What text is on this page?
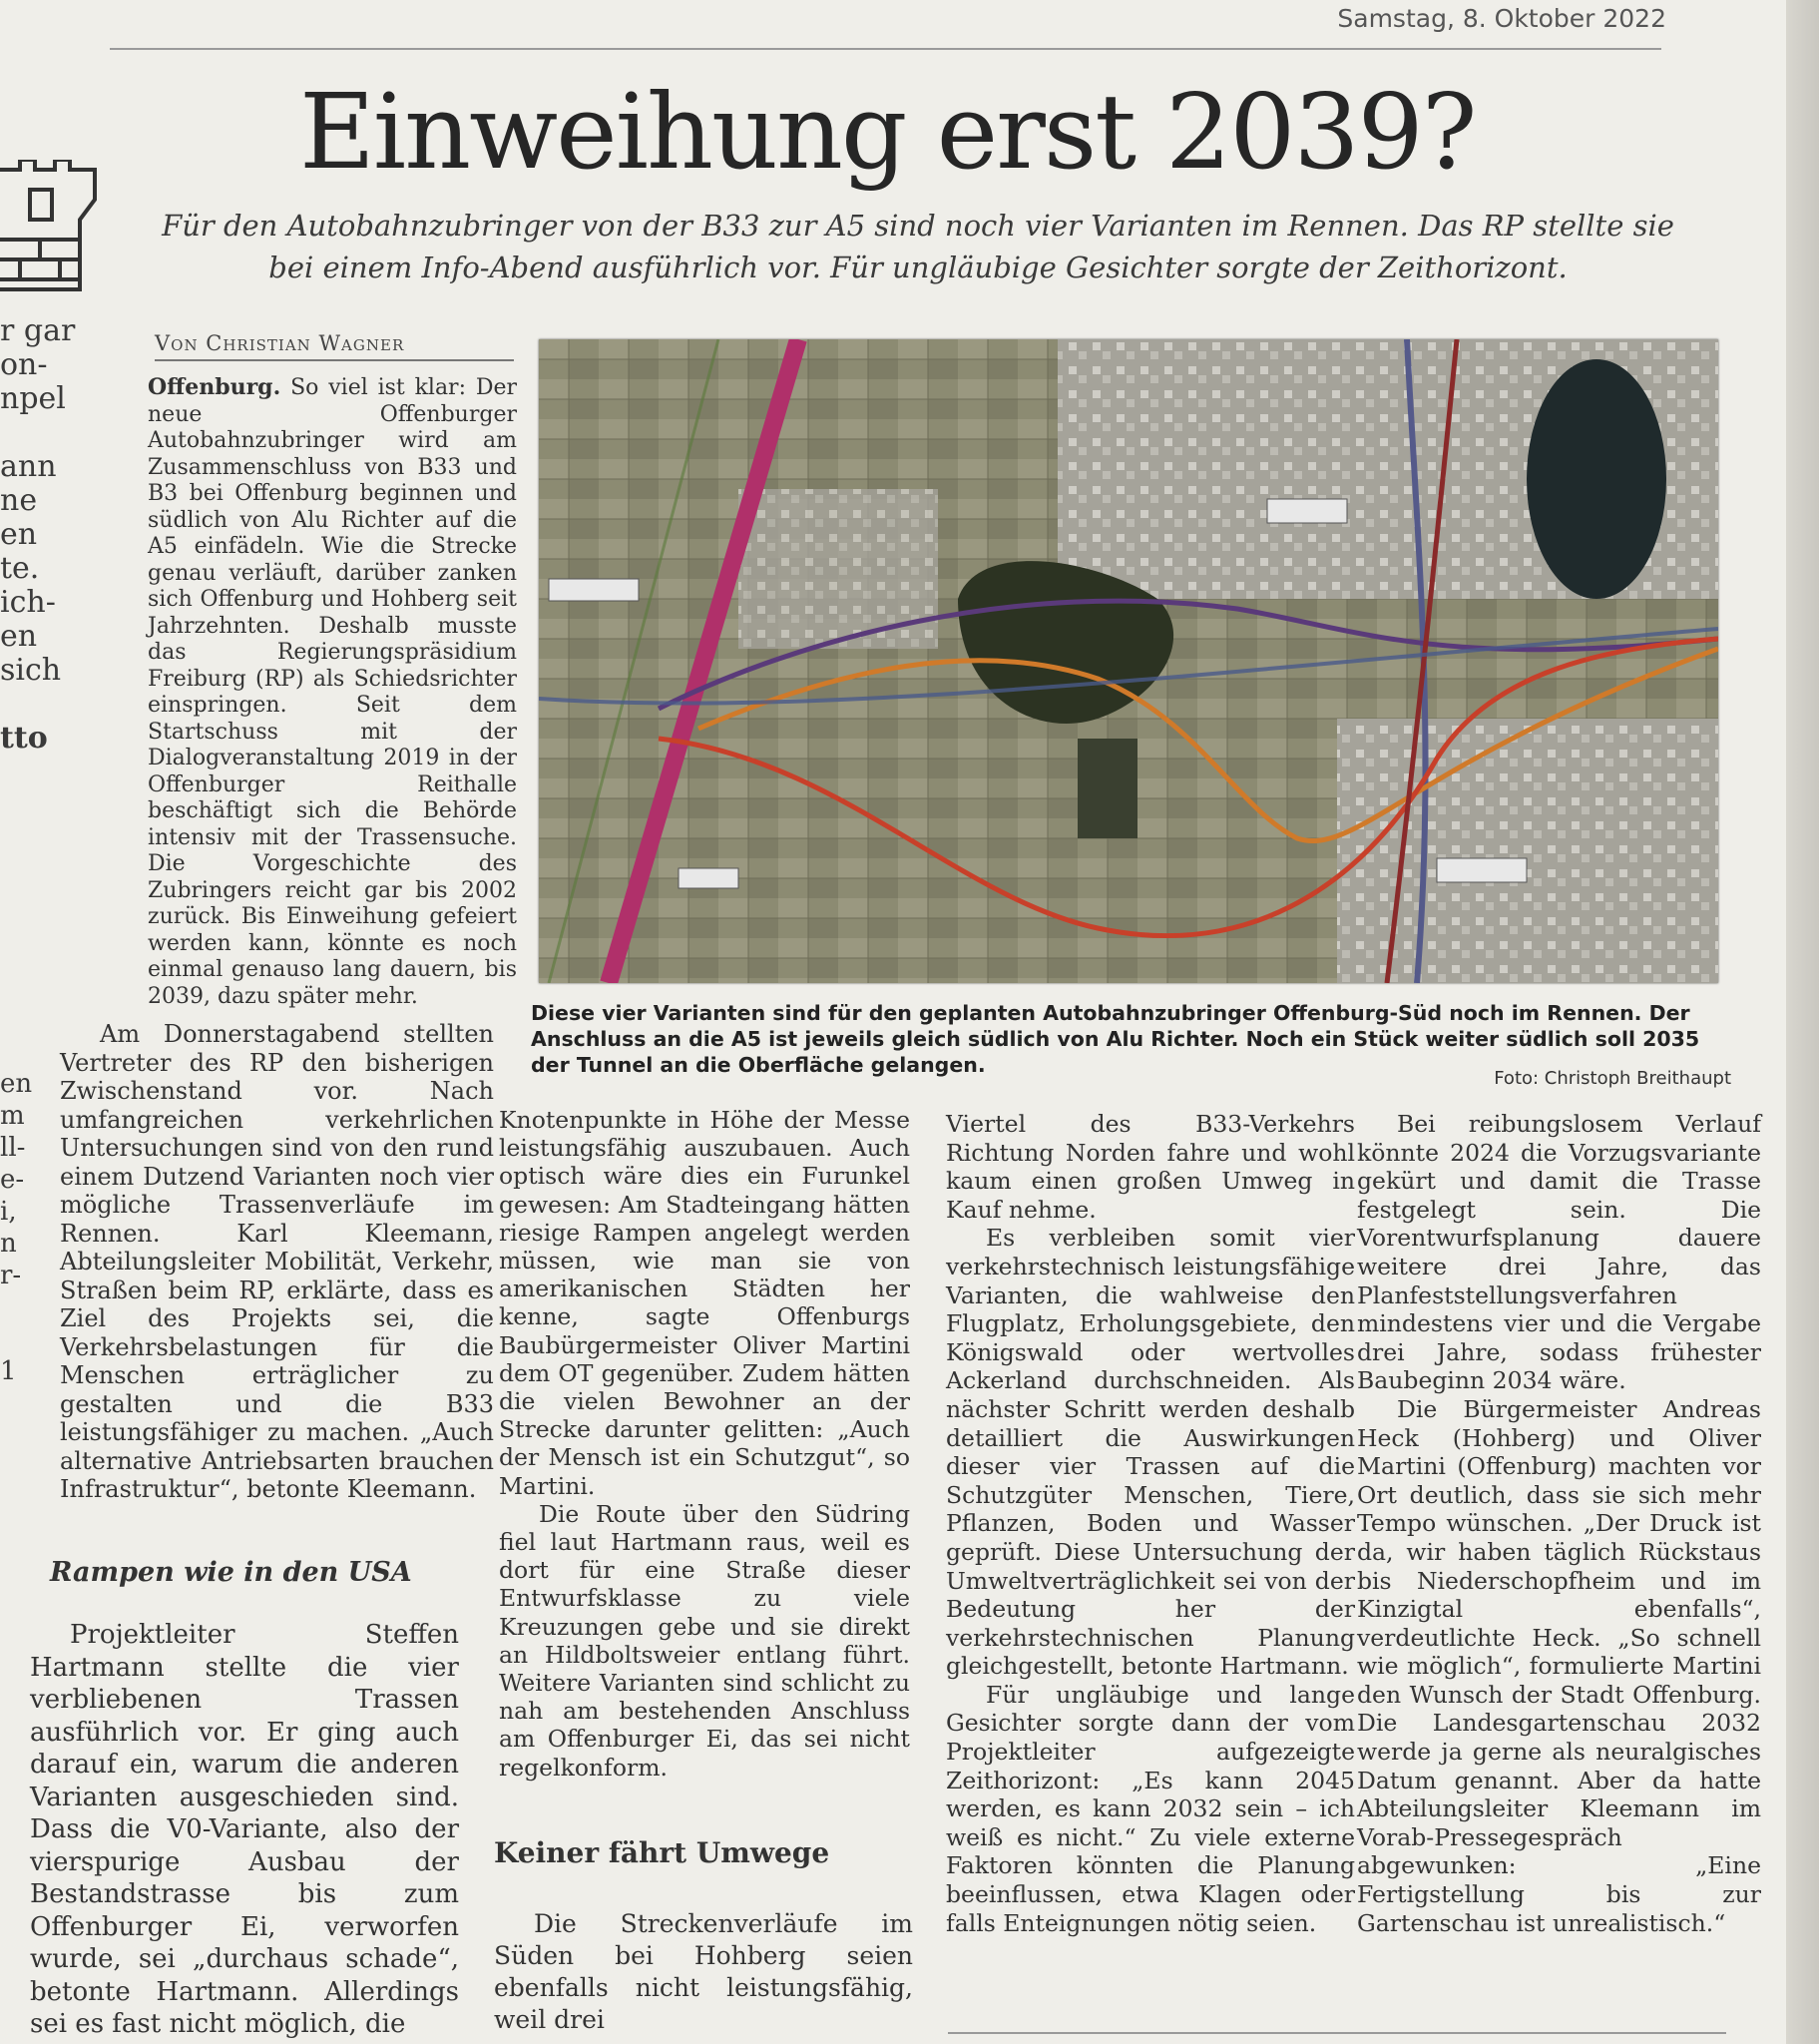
Samstag, 8. Oktober 2022
r gar
on-
npel
ann
ne
en
te.
ich-
en
sich
tto
en
m
ll-
e-
i,
n
r-
1
Einweihung erst 2039?
Für den Autobahnzubringer von der B33 zur A5 sind noch vier Varianten im Rennen. Das RP stellte sie bei einem Info-Abend ausführlich vor. Für ungläubige Gesichter sorgte der Zeithorizont.
Von Christian Wagner

Offenburg. So viel ist klar: Der neue Offenburger Autobahnzubringer wird am Zusammenschluss von B33 und B3 bei Offenburg beginnen und südlich von Alu Richter auf die A5 einfädeln. Wie die Strecke genau verläuft, darüber zanken sich Offenburg und Hohberg seit Jahrzehnten. Deshalb musste das Regierungspräsidium Freiburg (RP) als Schiedsrichter einspringen. Seit dem Startschuss mit der Dialogveranstaltung 2019 in der Offenburger Reithalle beschäftigt sich die Behörde intensiv mit der Trassensuche. Die Vorgeschichte des Zubringers reicht gar bis 2002 zurück. Bis Einweihung gefeiert werden kann, könnte es noch einmal genauso lang dauern, bis 2039, dazu später mehr.

Am Donnerstagabend stellten Vertreter des RP den bisherigen Zwischenstand vor. Nach umfangreichen verkehrlichen Untersuchungen sind von den rund einem Dutzend Varianten noch vier mögliche Trassenverläufe im Rennen. Karl Kleemann, Abteilungsleiter Mobilität, Verkehr, Straßen beim RP, erklärte, dass es Ziel des Projekts sei, die Verkehrsbelastungen für die Menschen erträglicher zu gestalten und die B33 leistungsfähiger zu machen. „Auch alternative Antriebsarten brauchen Infrastruktur“, betonte Kleemann.

Rampen wie in den USA

Projektleiter Steffen Hartmann stellte die vier verbliebenen Trassen ausführlich vor. Er ging auch darauf ein, warum die anderen Varianten ausgeschieden sind. Dass die V0-Variante, also der vierspurige Ausbau der Bestandstrasse bis zum Offenburger Ei, verworfen wurde, sei „durchaus schade“, betonte Hartmann. Allerdings sei es fast nicht möglich, die

Diese vier Varianten sind für den geplanten Autobahnzubringer Offenburg-Süd noch im Rennen. Der Anschluss an die A5 ist jeweils gleich südlich von Alu Richter. Noch ein Stück weiter südlich soll 2035 der Tunnel an die Oberfläche gelangen.
Foto: Christoph Breithaupt

Knotenpunkte in Höhe der Messe leistungsfähig auszubauen. Auch optisch wäre dies ein Furunkel gewesen: Am Stadteingang hätten riesige Rampen angelegt werden müssen, wie man sie von amerikanischen Städten her kenne, sagte Offenburgs Baubürgermeister Oliver Martini dem OT gegenüber. Zudem hätten die vielen Bewohner an der Strecke darunter gelitten: „Auch der Mensch ist ein Schutzgut“, so Martini.

Die Route über den Südring fiel laut Hartmann raus, weil es dort für eine Straße dieser Entwurfsklasse zu viele Kreuzungen gebe und sie direkt an Hildboltsweier entlang führt. Weitere Varianten sind schlicht zu nah am bestehenden Anschluss am Offenburger Ei, das sei nicht regelkonform.

Keiner fährt Umwege

Die Streckenverläufe im Süden bei Hohberg seien ebenfalls nicht leistungsfähig, weil drei

Viertel des B33-Verkehrs Richtung Norden fahre und wohl kaum einen großen Umweg in Kauf nehme.

Es verbleiben somit vier verkehrstechnisch leistungsfähige Varianten, die wahlweise den Flugplatz, Erholungsgebiete, den Königswald oder wertvolles Ackerland durchschneiden. Als nächster Schritt werden deshalb detailliert die Auswirkungen dieser vier Trassen auf die Schutzgüter Menschen, Tiere, Pflanzen, Boden und Wasser geprüft. Diese Untersuchung der Umweltverträglichkeit sei von der Bedeutung her der verkehrstechnischen Planung gleichgestellt, betonte Hartmann.

Für ungläubige und lange Gesichter sorgte dann der vom Projektleiter aufgezeigte Zeithorizont: „Es kann 2045 werden, es kann 2032 sein – ich weiß es nicht.“ Zu viele externe Faktoren könnten die Planung beeinflussen, etwa Klagen oder falls Enteignungen nötig seien.

Bei reibungslosem Verlauf könnte 2024 die Vorzugsvariante gekürt und damit die Trasse festgelegt sein. Die Vorentwurfsplanung dauere weitere drei Jahre, das Planfeststellungsverfahren mindestens vier und die Vergabe drei Jahre, sodass frühester Baubeginn 2034 wäre.

Die Bürgermeister Andreas Heck (Hohberg) und Oliver Martini (Offenburg) machten vor Ort deutlich, dass sie sich mehr Tempo wünschen. „Der Druck ist da, wir haben täglich Rückstaus bis Niederschopfheim und im Kinzigtal ebenfalls“, verdeutlichte Heck. „So schnell wie möglich“, formulierte Martini den Wunsch der Stadt Offenburg. Die Landesgartenschau 2032 werde ja gerne als neuralgisches Datum genannt. Aber da hatte Abteilungsleiter Kleemann im Vorab-Pressegespräch abgewunken: „Eine Fertigstellung bis zur Gartenschau ist unrealistisch.“
